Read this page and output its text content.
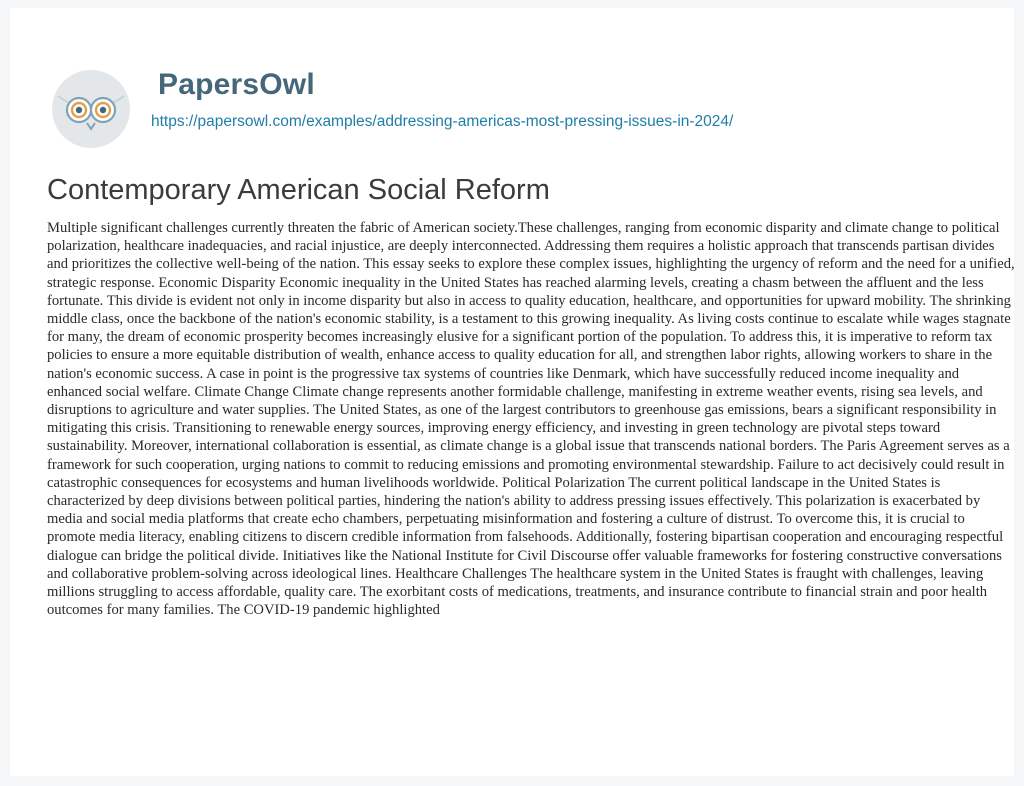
PapersOwl
https://papersowl.com/examples/addressing-americas-most-pressing-issues-in-2024/
Contemporary American Social Reform

Multiple significant challenges currently threaten the fabric of American society.These challenges, ranging from economic disparity and climate change to political polarization, healthcare inadequacies, and racial injustice, are deeply interconnected. Addressing them requires a holistic approach that transcends partisan divides and prioritizes the collective well-being of the nation. This essay seeks to explore these complex issues, highlighting the urgency of reform and the need for a unified, strategic response. Economic Disparity Economic inequality in the United States has reached alarming levels, creating a chasm between the affluent and the less fortunate. This divide is evident not only in income disparity but also in access to quality education, healthcare, and opportunities for upward mobility. The shrinking middle class, once the backbone of the nation's economic stability, is a testament to this growing inequality. As living costs continue to escalate while wages stagnate for many, the dream of economic prosperity becomes increasingly elusive for a significant portion of the population. To address this, it is imperative to reform tax policies to ensure a more equitable distribution of wealth, enhance access to quality education for all, and strengthen labor rights, allowing workers to share in the nation's economic success. A case in point is the progressive tax systems of countries like Denmark, which have successfully reduced income inequality and enhanced social welfare. Climate Change Climate change represents another formidable challenge, manifesting in extreme weather events, rising sea levels, and disruptions to agriculture and water supplies. The United States, as one of the largest contributors to greenhouse gas emissions, bears a significant responsibility in mitigating this crisis. Transitioning to renewable energy sources, improving energy efficiency, and investing in green technology are pivotal steps toward sustainability. Moreover, international collaboration is essential, as climate change is a global issue that transcends national borders. The Paris Agreement serves as a framework for such cooperation, urging nations to commit to reducing emissions and promoting environmental stewardship. Failure to act decisively could result in catastrophic consequences for ecosystems and human livelihoods worldwide. Political Polarization The current political landscape in the United States is characterized by deep divisions between political parties, hindering the nation's ability to address pressing issues effectively. This polarization is exacerbated by media and social media platforms that create echo chambers, perpetuating misinformation and fostering a culture of distrust. To overcome this, it is crucial to promote media literacy, enabling citizens to discern credible information from falsehoods. Additionally, fostering bipartisan cooperation and encouraging respectful dialogue can bridge the political divide. Initiatives like the National Institute for Civil Discourse offer valuable frameworks for fostering constructive conversations and collaborative problem-solving across ideological lines. Healthcare Challenges The healthcare system in the United States is fraught with challenges, leaving millions struggling to access affordable, quality care. The exorbitant costs of medications, treatments, and insurance contribute to financial strain and poor health outcomes for many families. The COVID-19 pandemic highlighted
